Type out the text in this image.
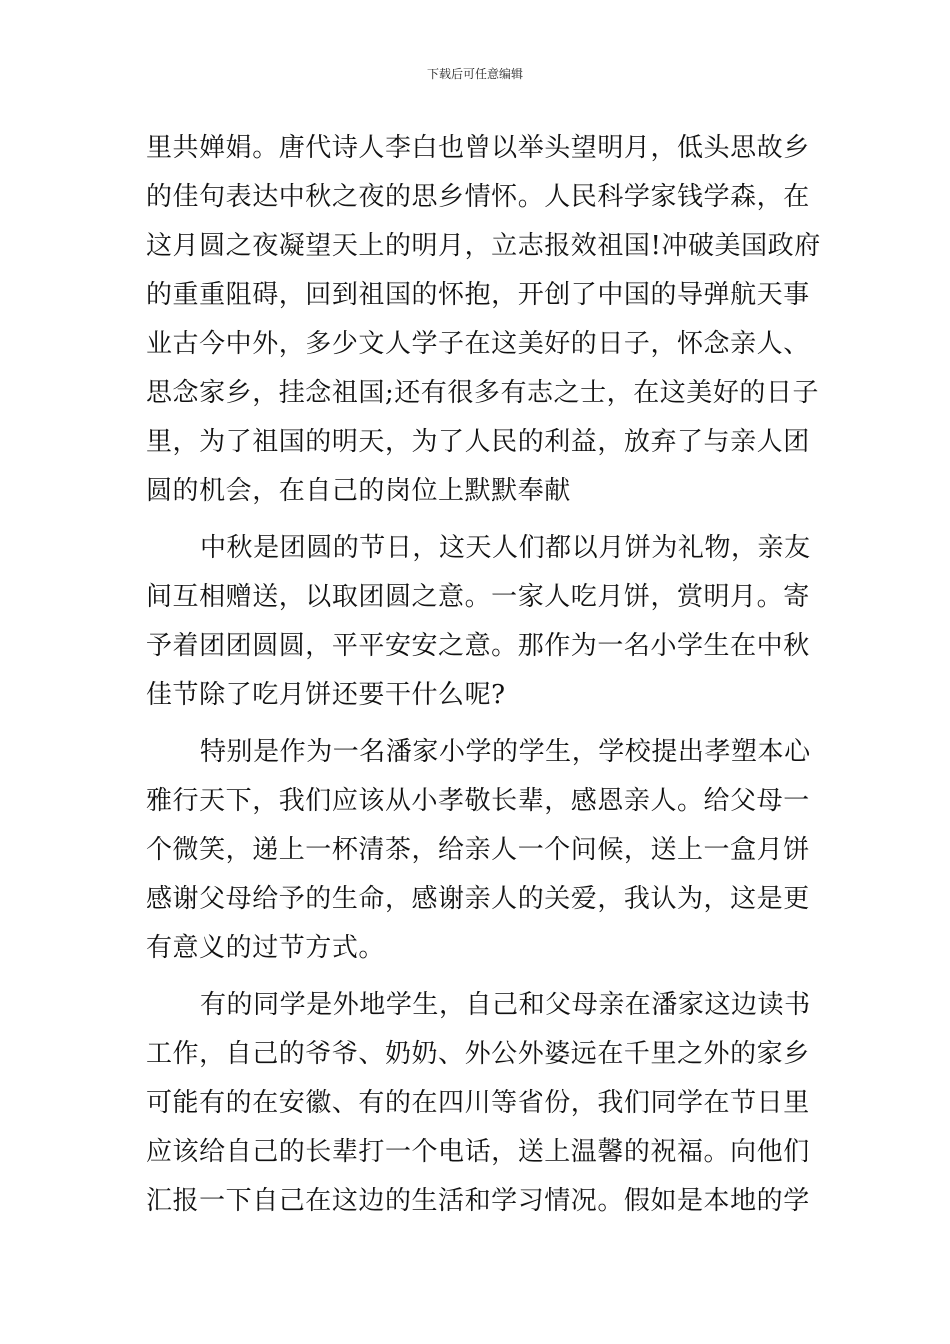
下载后可任意编辑
里共婵娟。唐代诗人李白也曾以举头望明月，低头思故乡
的佳句表达中秋之夜的思乡情怀。人民科学家钱学森，在
这月圆之夜凝望天上的明月，立志报效祖国!冲破美国政府
的重重阻碍，回到祖国的怀抱，开创了中国的导弹航天事
业古今中外，多少文人学子在这美好的日子，怀念亲人、
思念家乡，挂念祖国;还有很多有志之士，在这美好的日子
里，为了祖国的明天，为了人民的利益，放弃了与亲人团
圆的机会，在自己的岗位上默默奉献
中秋是团圆的节日，这天人们都以月饼为礼物，亲友
间互相赠送，以取团圆之意。一家人吃月饼，赏明月。寄
予着团团圆圆，平平安安之意。那作为一名小学生在中秋
佳节除了吃月饼还要干什么呢?
特别是作为一名潘家小学的学生，学校提出孝塑本心
雅行天下，我们应该从小孝敬长辈，感恩亲人。给父母一
个微笑，递上一杯清茶，给亲人一个问候，送上一盒月饼
感谢父母给予的生命，感谢亲人的关爱，我认为，这是更
有意义的过节方式。
有的同学是外地学生，自己和父母亲在潘家这边读书
工作，自己的爷爷、奶奶、外公外婆远在千里之外的家乡
可能有的在安徽、有的在四川等省份，我们同学在节日里
应该给自己的长辈打一个电话，送上温馨的祝福。向他们
汇报一下自己在这边的生活和学习情况。假如是本地的学
